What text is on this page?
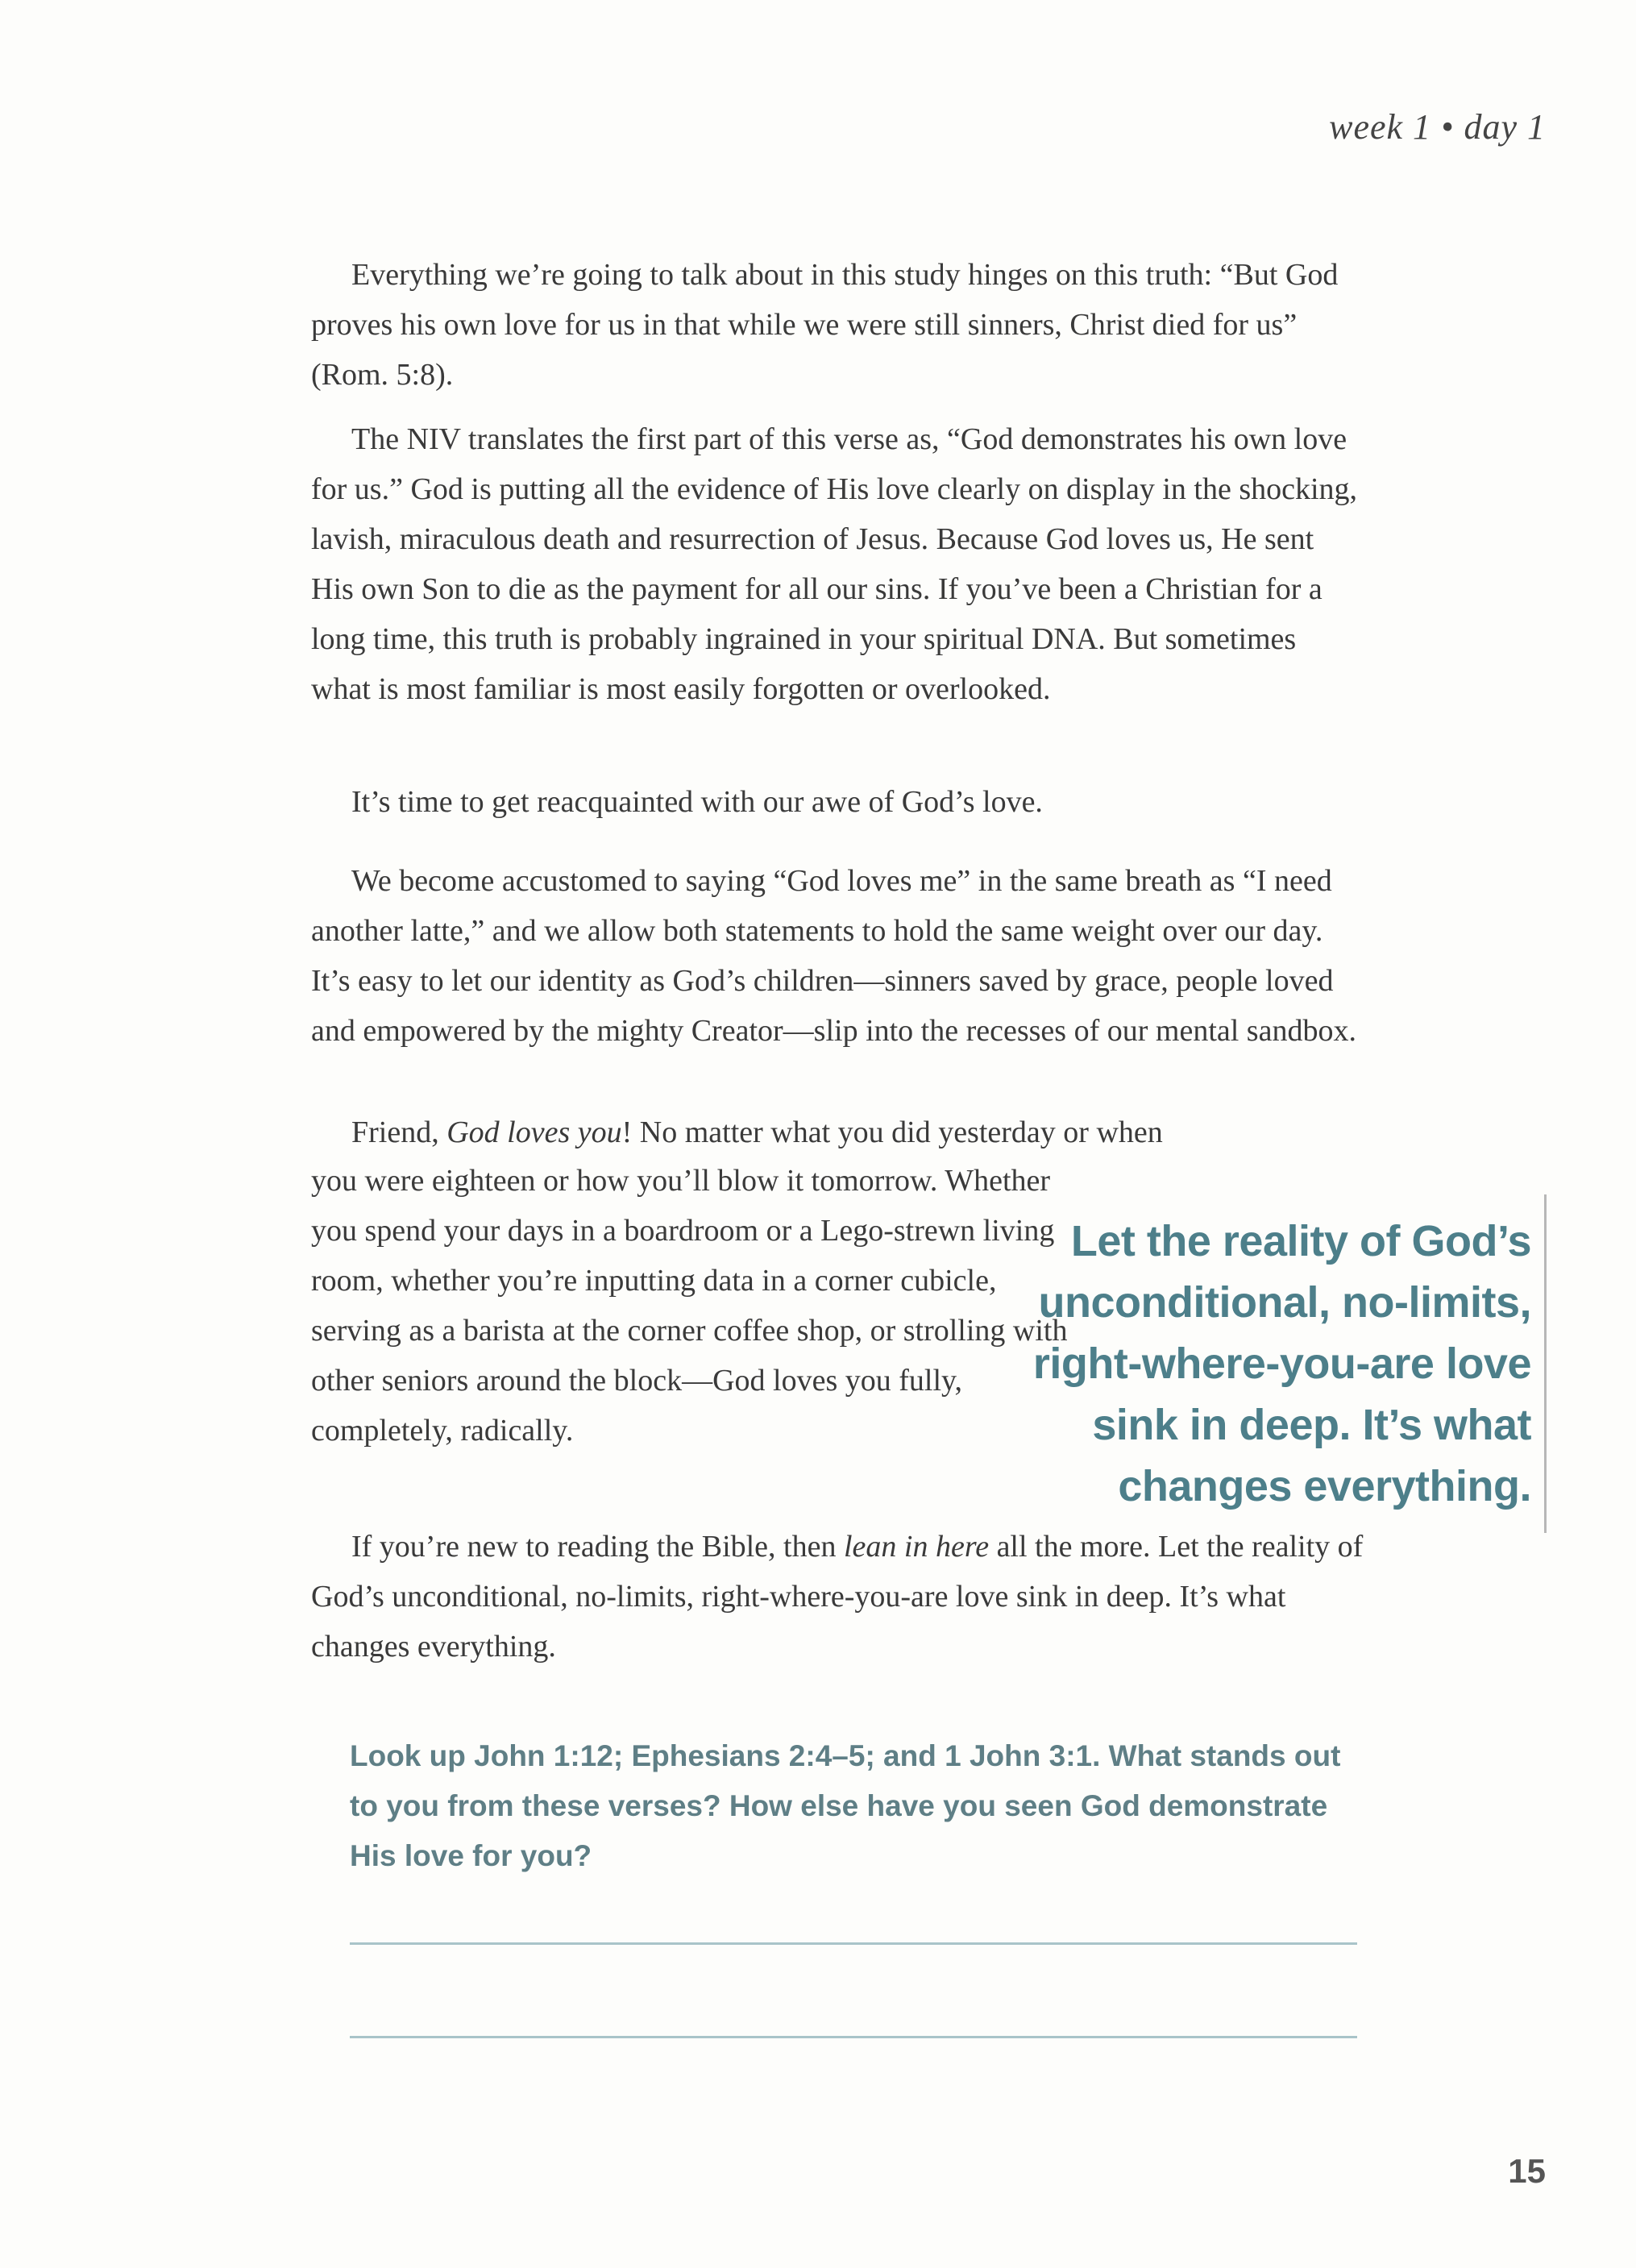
week 1 • day 1

Everything we’re going to talk about in this study hinges on this truth: “But God proves his own love for us in that while we were still sinners, Christ died for us” (Rom. 5:8).

The NIV translates the first part of this verse as, “God demonstrates his own love for us.” God is putting all the evidence of His love clearly on display in the shocking, lavish, miraculous death and resurrection of Jesus. Because God loves us, He sent His own Son to die as the payment for all our sins. If you’ve been a Christian for a long time, this truth is probably ingrained in your spiritual DNA. But sometimes what is most familiar is most easily forgotten or overlooked.

It’s time to get reacquainted with our awe of God’s love.

We become accustomed to saying “God loves me” in the same breath as “I need another latte,” and we allow both statements to hold the same weight over our day. It’s easy to let our identity as God’s children—sinners saved by grace, people loved and empowered by the mighty Creator—slip into the recesses of our mental sandbox.

Friend, God loves you! No matter what you did yesterday or when

you were eighteen or how you’ll blow it tomorrow. Whether you spend your days in a boardroom or a Lego-strewn living room, whether you’re inputting data in a corner cubicle, serving as a barista at the corner coffee shop, or strolling with other seniors around the block—God loves you fully, completely, radically.

Let the reality of God’s unconditional, no-limits, right-where-you-are love sink in deep. It’s what changes everything.

If you’re new to reading the Bible, then lean in here all the more. Let the reality of God’s unconditional, no-limits, right-where-you-are love sink in deep. It’s what changes everything.

Look up John 1:12; Ephesians 2:4–5; and 1 John 3:1. What stands out to you from these verses? How else have you seen God demonstrate His love for you?
15
